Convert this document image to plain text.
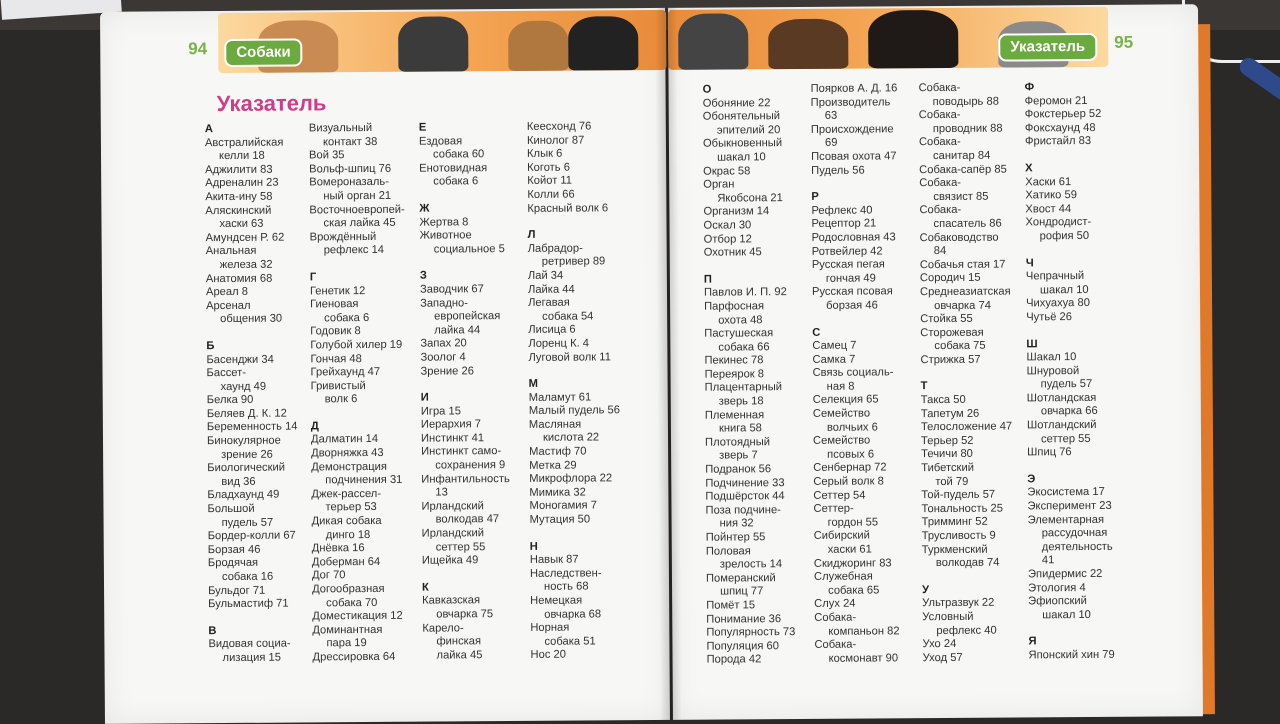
94	Собаки
Указатель
А
Австралийская
келли 18
Аджилити 83
Адреналин 23
Акита-ину 58
Аляскинский
хаски 63
Амундсен Р. 62
Анальная
железа 32
Анатомия 68
Ареал 8
Арсенал
общения 30
Б
Басенджи 34
Бассет-
хаунд 49
Белка 90
Беляев Д. К. 12
Беременность 14
Бинокулярное
зрение 26
Биологический
вид 36
Бладхаунд 49
Большой
пудель 57
Бордер-колли 67
Борзая 46
Бродячая
собака 16
Бульдог 71
Бульмастиф 71
В
Видовая социа-
лизация 15
Визуальный
контакт 38
Вой 35
Вольф-шпиц 76
Вомероназаль-
ный орган 21
Восточноевропей-
ская лайка 45
Врождённый
рефлекс 14
Г
Генетик 12
Гиеновая
собака 6
Годовик 8
Голубой хилер 19
Гончая 48
Грейхаунд 47
Гривистый
волк 6
Д
Далматин 14
Дворняжка 43
Демонстрация
подчинения 31
Джек-рассел-
терьер 53
Дикая собака
динго 18
Днёвка 16
Доберман 64
Дог 70
Догообразная
собака 70
Доместикация 12
Доминантная
пара 19
Дрессировка 64
Е
Ездовая
собака 60
Енотовидная
собака 6
Ж
Жертва 8
Животное
социальное 5
З
Заводчик 67
Западно-
европейская
лайка 44
Запах 20
Зоолог 4
Зрение 26
И
Игра 15
Иерархия 7
Инстинкт 41
Инстинкт само-
сохранения 9
Инфантильность
13
Ирландский
волкодав 47
Ирландский
сеттер 55
Ищейка 49
К
Кавказская
овчарка 75
Карело-
финская
лайка 45
Кеесхонд 76
Кинолог 87
Клык 6
Коготь 6
Койот 11
Колли 66
Красный волк 6
Л
Лабрадор-
ретривер 89
Лай 34
Лайка 44
Легавая
собака 54
Лисица 6
Лоренц К. 4
Луговой волк 11
М
Маламут 61
Малый пудель 56
Масляная
кислота 22
Мастиф 70
Метка 29
Микрофлора 22
Мимика 32
Моногамия 7
Мутация 50
Н
Навык 87
Наследствен-
ность 68
Немецкая
овчарка 68
Норная
собака 51
Нос 20
Указатель	95
О
Обоняние 22
Обонятельный
эпителий 20
Обыкновенный
шакал 10
Окрас 58
Орган
Якобсона 21
Организм 14
Оскал 30
Отбор 12
Охотник 45
П
Павлов И. П. 92
Парфосная
охота 48
Пастушеская
собака 66
Пекинес 78
Переярок 8
Плацентарный
зверь 18
Племенная
книга 58
Плотоядный
зверь 7
Подранок 56
Подчинение 33
Подшёрсток 44
Поза подчине-
ния 32
Пойнтер 55
Половая
зрелость 14
Померанский
шпиц 77
Помёт 15
Понимание 36
Популярность 73
Популяция 60
Порода 42
Поярков А. Д. 16
Производитель
63
Происхождение
69
Псовая охота 47
Пудель 56
Р
Рефлекс 40
Рецептор 21
Родословная 43
Ротвейлер 42
Русская пегая
гончая 49
Русская псовая
борзая 46
С
Самец 7
Самка 7
Связь социаль-
ная 8
Селекция 65
Семейство
волчьих 6
Семейство
псовых 6
Сенбернар 72
Серый волк 8
Сеттер 54
Сеттер-
гордон 55
Сибирский
хаски 61
Скиджоринг 83
Служебная
собака 65
Слух 24
Собака-
компаньон 82
Собака-
космонавт 90
Собака-
поводырь 88
Собака-
проводник 88
Собака-
санитар 84
Собака-сапёр 85
Собака-
связист 85
Собака-
спасатель 86
Собаководство
84
Собачья стая 17
Сородич 15
Среднеазиатская
овчарка 74
Стойка 55
Сторожевая
собака 75
Стрижка 57
Т
Такса 50
Тапетум 26
Телосложение 47
Терьер 52
Течичи 80
Тибетский
той 79
Той-пудель 57
Тональность 25
Тримминг 52
Трусливость 9
Туркменский
волкодав 74
У
Ультразвук 22
Условный
рефлекс 40
Ухо 24
Уход 57
Ф
Феромон 21
Фокстерьер 52
Фоксхаунд 48
Фристайл 83
Х
Хаски 61
Хатико 59
Хвост 44
Хондродист-
рофия 50
Ч
Чепрачный
шакал 10
Чихуахуа 80
Чутьё 26
Ш
Шакал 10
Шнуровой
пудель 57
Шотландская
овчарка 66
Шотландский
сеттер 55
Шпиц 76
Э
Экосистема 17
Эксперимент 23
Элементарная
рассудочная
деятельность
41
Эпидермис 22
Этология 4
Эфиопский
шакал 10
Я
Японский хин 79
